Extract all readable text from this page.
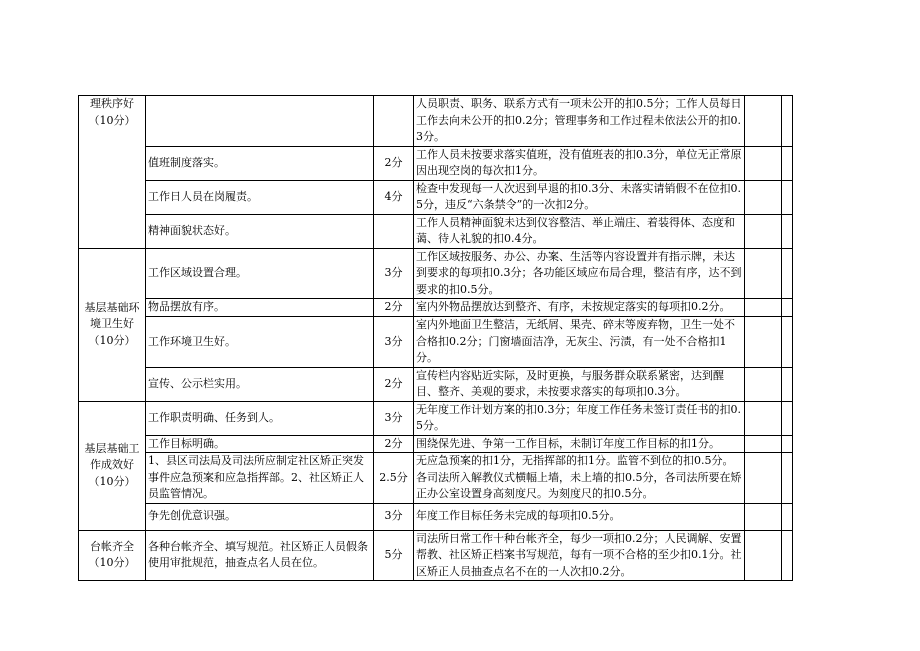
理秩序好
（10分）			人员职责、职务、联系方式有一项未公开的扣0.5分；工作人员每日工作去向未公开的扣0.2分；管理事务和工作过程未依法公开的扣0.3分。		
	值班制度落实。	2分	工作人员未按要求落实值班，没有值班表的扣0.3分，单位无正常原因出现空岗的每次扣1分。		
	工作日人员在岗履责。	4分	检查中发现每一人次迟到早退的扣0.3分、未落实请销假不在位扣0.5分，违反“六条禁令”的一次扣2分。		
	精神面貌状态好。		工作人员精神面貌未达到仪容整洁、举止端庄、着装得体、态度和蔼、待人礼貌的扣0.4分。		

基层基础环
境卫生好
（10分）	工作区域设置合理。	3分	工作区域按服务、办公、办案、生活等内容设置并有指示牌，未达到要求的每项扣0.3分；各功能区域应布局合理，整洁有序，达不到要求的扣0.5分。		
	物品摆放有序。	2分	室内外物品摆放达到整齐、有序，未按规定落实的每项扣0.2分。		
	工作环境卫生好。	3分	室内外地面卫生整洁，无纸屑、果壳、碎末等废弃物，卫生一处不合格扣0.2分；门窗墙面洁净，无灰尘、污渍，有一处不合格扣1分。		
	宣传、公示栏实用。	2分	宣传栏内容贴近实际，及时更换，与服务群众联系紧密，达到醒目、整齐、美观的要求，未按要求落实的每项扣0.3分。		

基层基础工
作成效好
（10分）	工作职责明确、任务到人。	3分	无年度工作计划方案的扣0.3分；年度工作任务未签订责任书的扣0.5分。		
	工作目标明确。	2分	围绕保先进、争第一工作目标，未制订年度工作目标的扣1分。		
	1、县区司法局及司法所应制定社区矫正突发事件应急预案和应急指挥部。2、社区矫正人员监管情况。	2.5分	无应急预案的扣1分，无指挥部的扣1分。监管不到位的扣0.5分。各司法所入解教仪式横幅上墙，未上墙的扣0.5分，各司法所要在矫正办公室设置身高刻度尺。为刻度尺的扣0.5分。		
	争先创优意识强。	3分	年度工作目标任务未完成的每项扣0.5分。		

台帐齐全
（10分）	各种台帐齐全、填写规范。社区矫正人员假条使用审批规范，抽查点名人员在位。	5分	司法所日常工作十种台帐齐全，每少一项扣0.2分；人民调解、安置帮教、社区矫正档案书写规范，每有一项不合格的至少扣0.1分。社区矫正人员抽查点名不在的一人次扣0.2分。		
